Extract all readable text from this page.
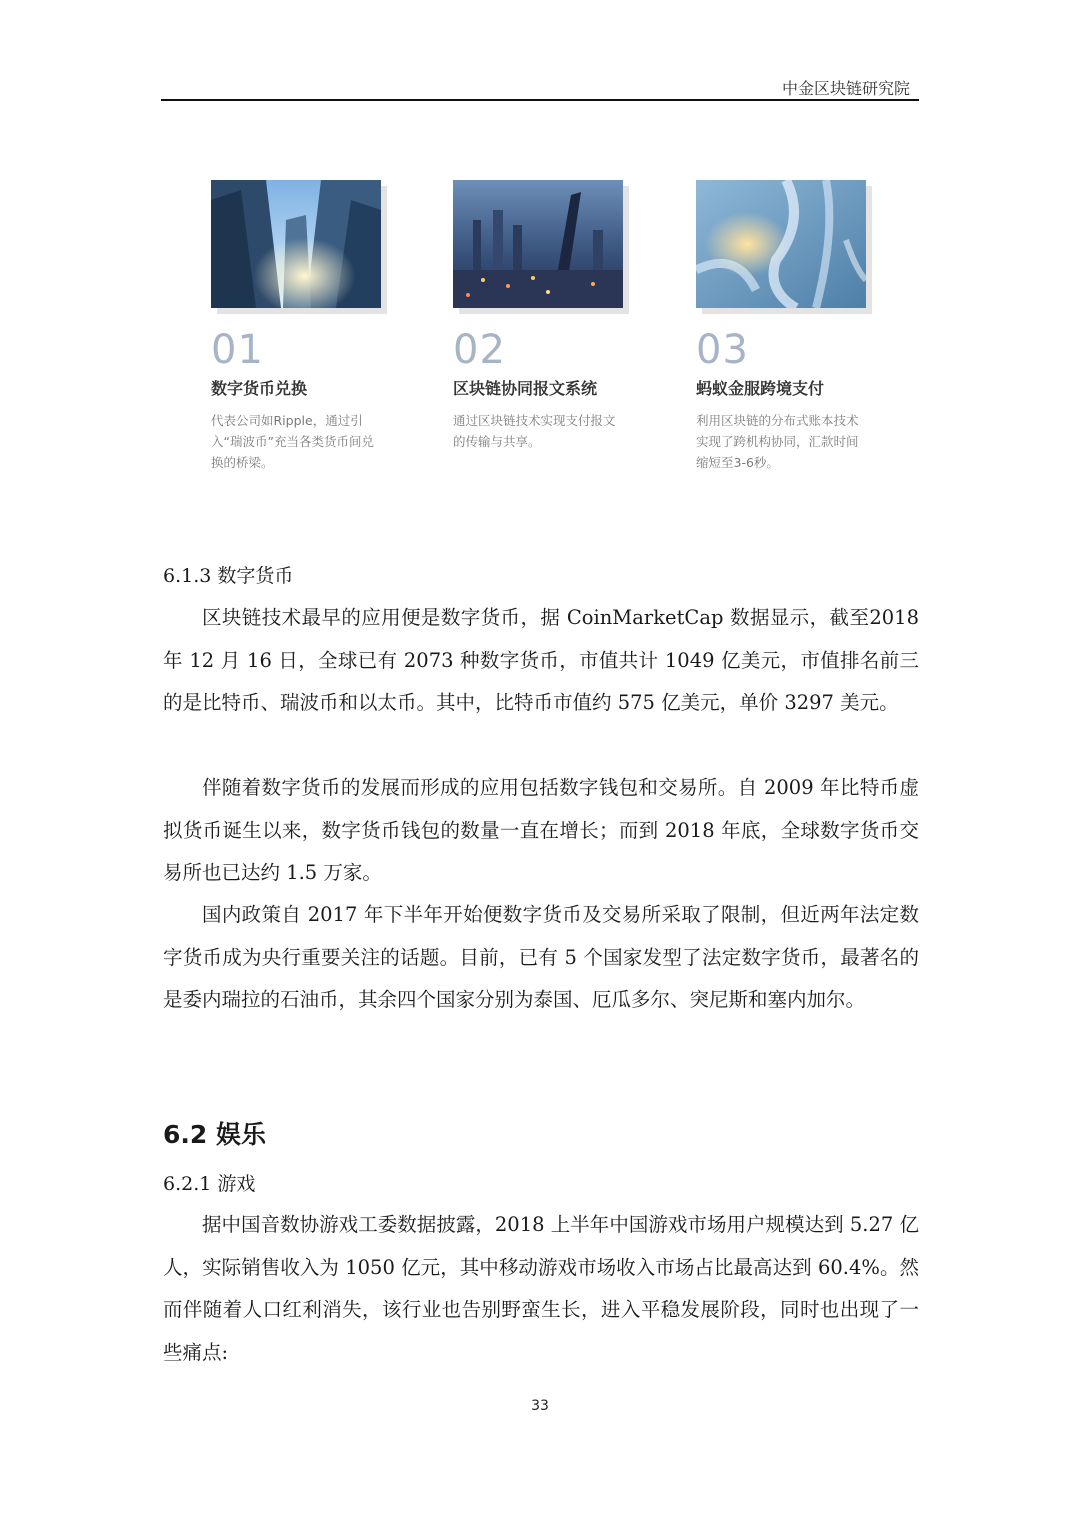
中金区块链研究院
01
数字货币兑换
代表公司如Ripple，通过引入“瑞波币”充当各类货币间兑换的桥梁。
02
区块链协同报文系统
通过区块链技术实现支付报文的传输与共享。
03
蚂蚁金服跨境支付
利用区块链的分布式账本技术实现了跨机构协同，汇款时间缩短至3-6秒。
6.1.3 数字货币

区块链技术最早的应用便是数字货币，据 CoinMarketCap 数据显示，截至2018 年 12 月 16 日，全球已有 2073 种数字货币，市值共计 1049 亿美元，市值排名前三的是比特币、瑞波币和以太币。其中，比特币市值约 575 亿美元，单价 3297 美元。

伴随着数字货币的发展而形成的应用包括数字钱包和交易所。自 2009 年比特币虚拟货币诞生以来，数字货币钱包的数量一直在增长；而到 2018 年底，全球数字货币交易所也已达约 1.5 万家。

国内政策自 2017 年下半年开始便数字货币及交易所采取了限制，但近两年法定数字货币成为央行重要关注的话题。目前，已有 5 个国家发型了法定数字货币，最著名的是委内瑞拉的石油币，其余四个国家分别为泰国、厄瓜多尔、突尼斯和塞内加尔。

6.2 娱乐
6.2.1 游戏

据中国音数协游戏工委数据披露，2018 上半年中国游戏市场用户规模达到 5.27 亿人，实际销售收入为 1050 亿元，其中移动游戏市场收入市场占比最高达到 60.4%。然而伴随着人口红利消失，该行业也告别野蛮生长，进入平稳发展阶段，同时也出现了一些痛点:

33
